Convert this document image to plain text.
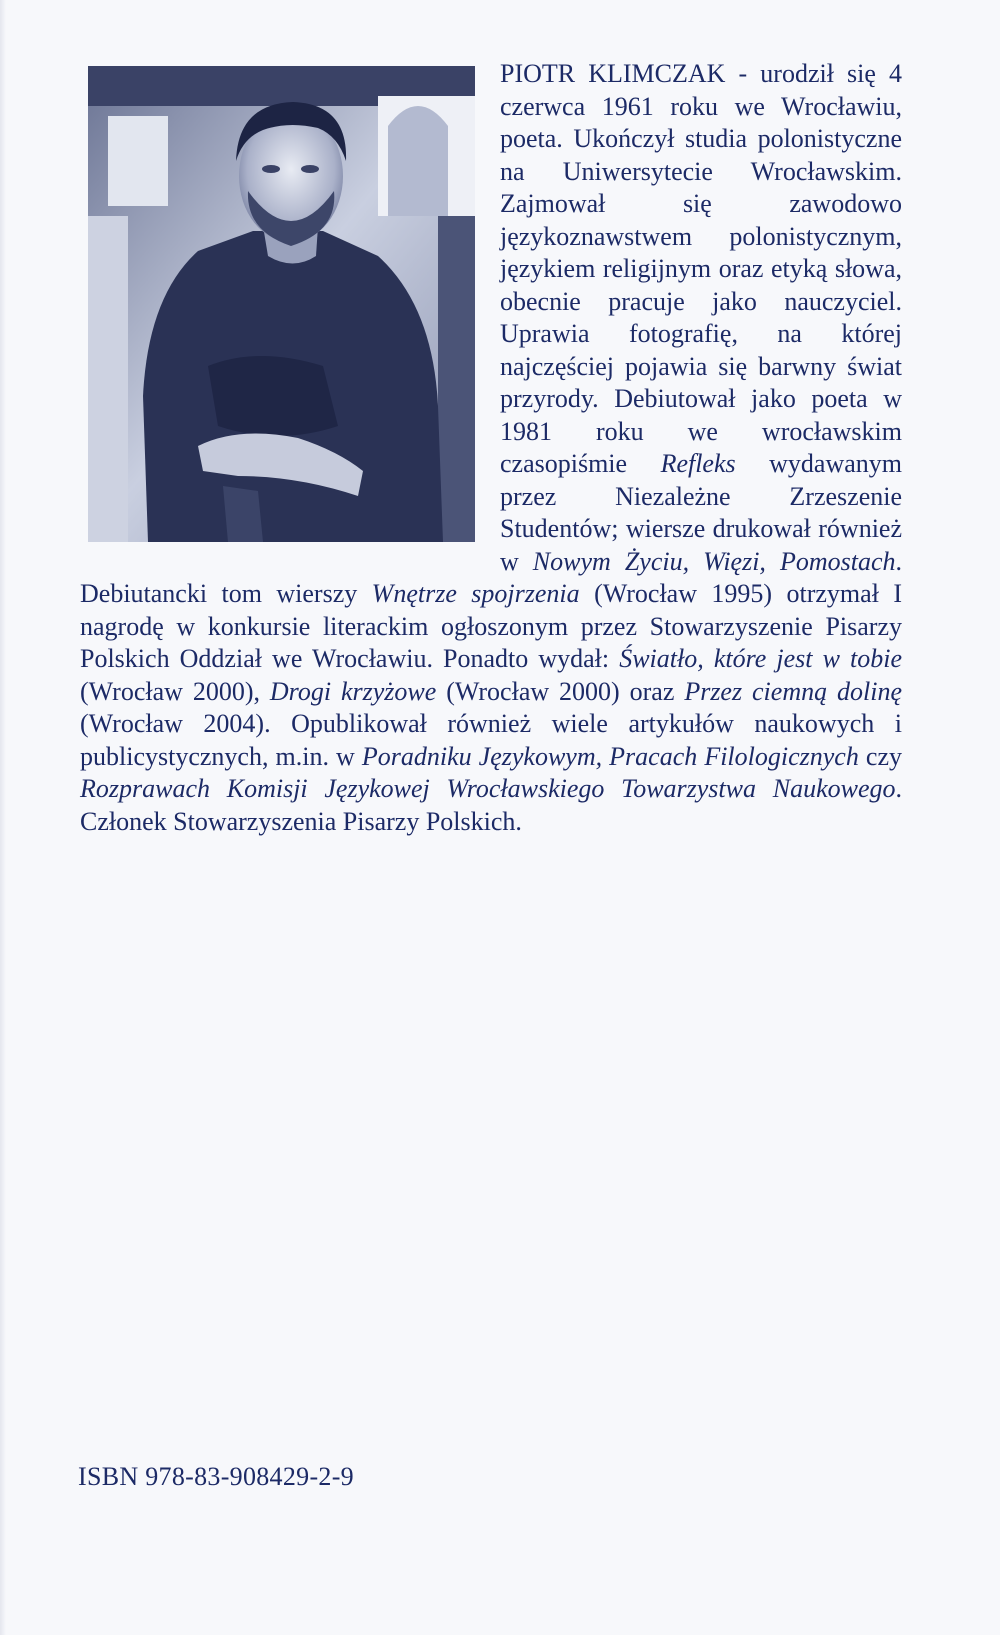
PIOTR KLIMCZAK - urodził się 4 czerwca 1961 roku we Wrocławiu, poeta. Ukończył studia polonistyczne na Uniwersytecie Wrocławskim. Zajmował się zawodowo językoznawstwem polonistycznym, językiem religijnym oraz etyką słowa, obecnie pracuje jako nauczyciel. Uprawia fotografię, na której najczęściej pojawia się barwny świat przyrody. Debiutował jako poeta w 1981 roku we wrocławskim czasopiśmie Refleks wydawanym przez Niezależne Zrzeszenie Studentów; wiersze drukował również w Nowym Życiu, Więzi, Pomostach. Debiutancki tom wierszy Wnętrze spojrzenia (Wrocław 1995) otrzymał I nagrodę w konkursie literackim ogłoszonym przez Stowarzyszenie Pisarzy Polskich Oddział we Wrocławiu. Ponadto wydał: Światło, które jest w tobie (Wrocław 2000), Drogi krzyżowe (Wrocław 2000) oraz Przez ciemną dolinę (Wrocław 2004). Opublikował również wiele artykułów naukowych i publicystycznych, m.in. w Poradniku Językowym, Pracach Filologicznych czy Rozprawach Komisji Językowej Wrocławskiego Towarzystwa Naukowego. Członek Stowarzyszenia Pisarzy Polskich.
ISBN 978-83-908429-2-9
